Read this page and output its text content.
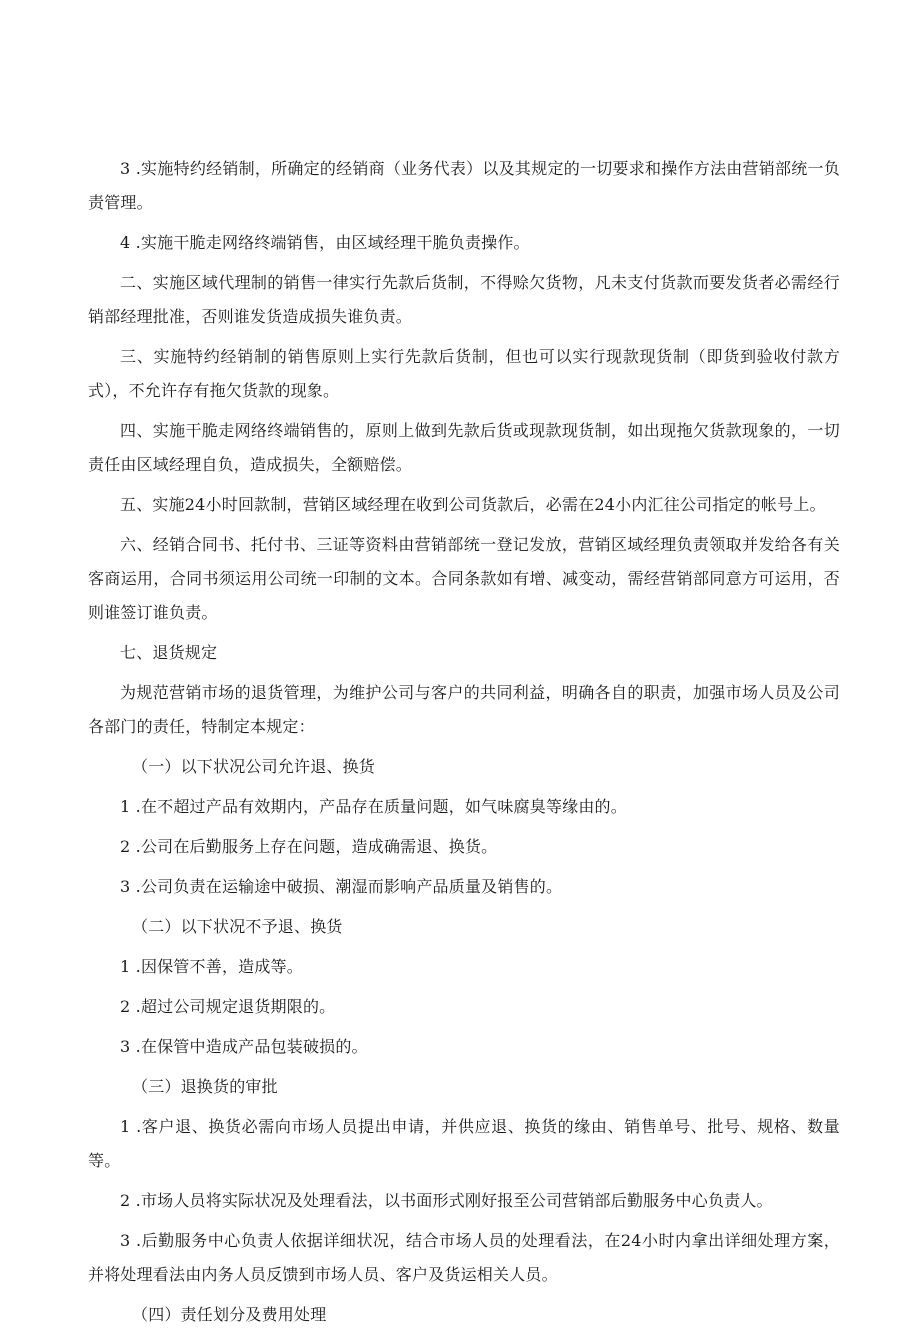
3 .实施特约经销制，所确定的经销商（业务代表）以及其规定的一切要求和操作方法由营销部统一负责管理。

4 .实施干脆走网络终端销售，由区域经理干脆负责操作。

二、实施区域代理制的销售一律实行先款后货制，不得赊欠货物，凡未支付货款而要发货者必需经行销部经理批准，否则谁发货造成损失谁负责。

三、实施特约经销制的销售原则上实行先款后货制，但也可以实行现款现货制（即货到验收付款方式），不允许存有拖欠货款的现象。

四、实施干脆走网络终端销售的，原则上做到先款后货或现款现货制，如出现拖欠货款现象的，一切责任由区域经理自负，造成损失，全额赔偿。

五、实施24小时回款制，营销区域经理在收到公司货款后，必需在24小内汇往公司指定的帐号上。

六、经销合同书、托付书、三证等资料由营销部统一登记发放，营销区域经理负责领取并发给各有关客商运用，合同书须运用公司统一印制的文本。合同条款如有增、减变动，需经营销部同意方可运用，否则谁签订谁负责。

七、退货规定

为规范营销市场的退货管理，为维护公司与客户的共同利益，明确各自的职责，加强市场人员及公司各部门的责任，特制定本规定：

（一）以下状况公司允许退、换货

1 .在不超过产品有效期内，产品存在质量问题，如气味腐臭等缘由的。

2 .公司在后勤服务上存在问题，造成确需退、换货。

3 .公司负责在运输途中破损、潮湿而影响产品质量及销售的。

（二）以下状况不予退、换货

1 .因保管不善，造成等。

2 .超过公司规定退货期限的。

3 .在保管中造成产品包装破损的。

（三）退换货的审批

1 .客户退、换货必需向市场人员提出申请，并供应退、换货的缘由、销售单号、批号、规格、数量等。

2 .市场人员将实际状况及处理看法，以书面形式刚好报至公司营销部后勤服务中心负责人。

3 .后勤服务中心负责人依据详细状况，结合市场人员的处理看法，在24小时内拿出详细处理方案，并将处理看法由内务人员反馈到市场人员、客户及货运相关人员。

（四）责任划分及费用处理
